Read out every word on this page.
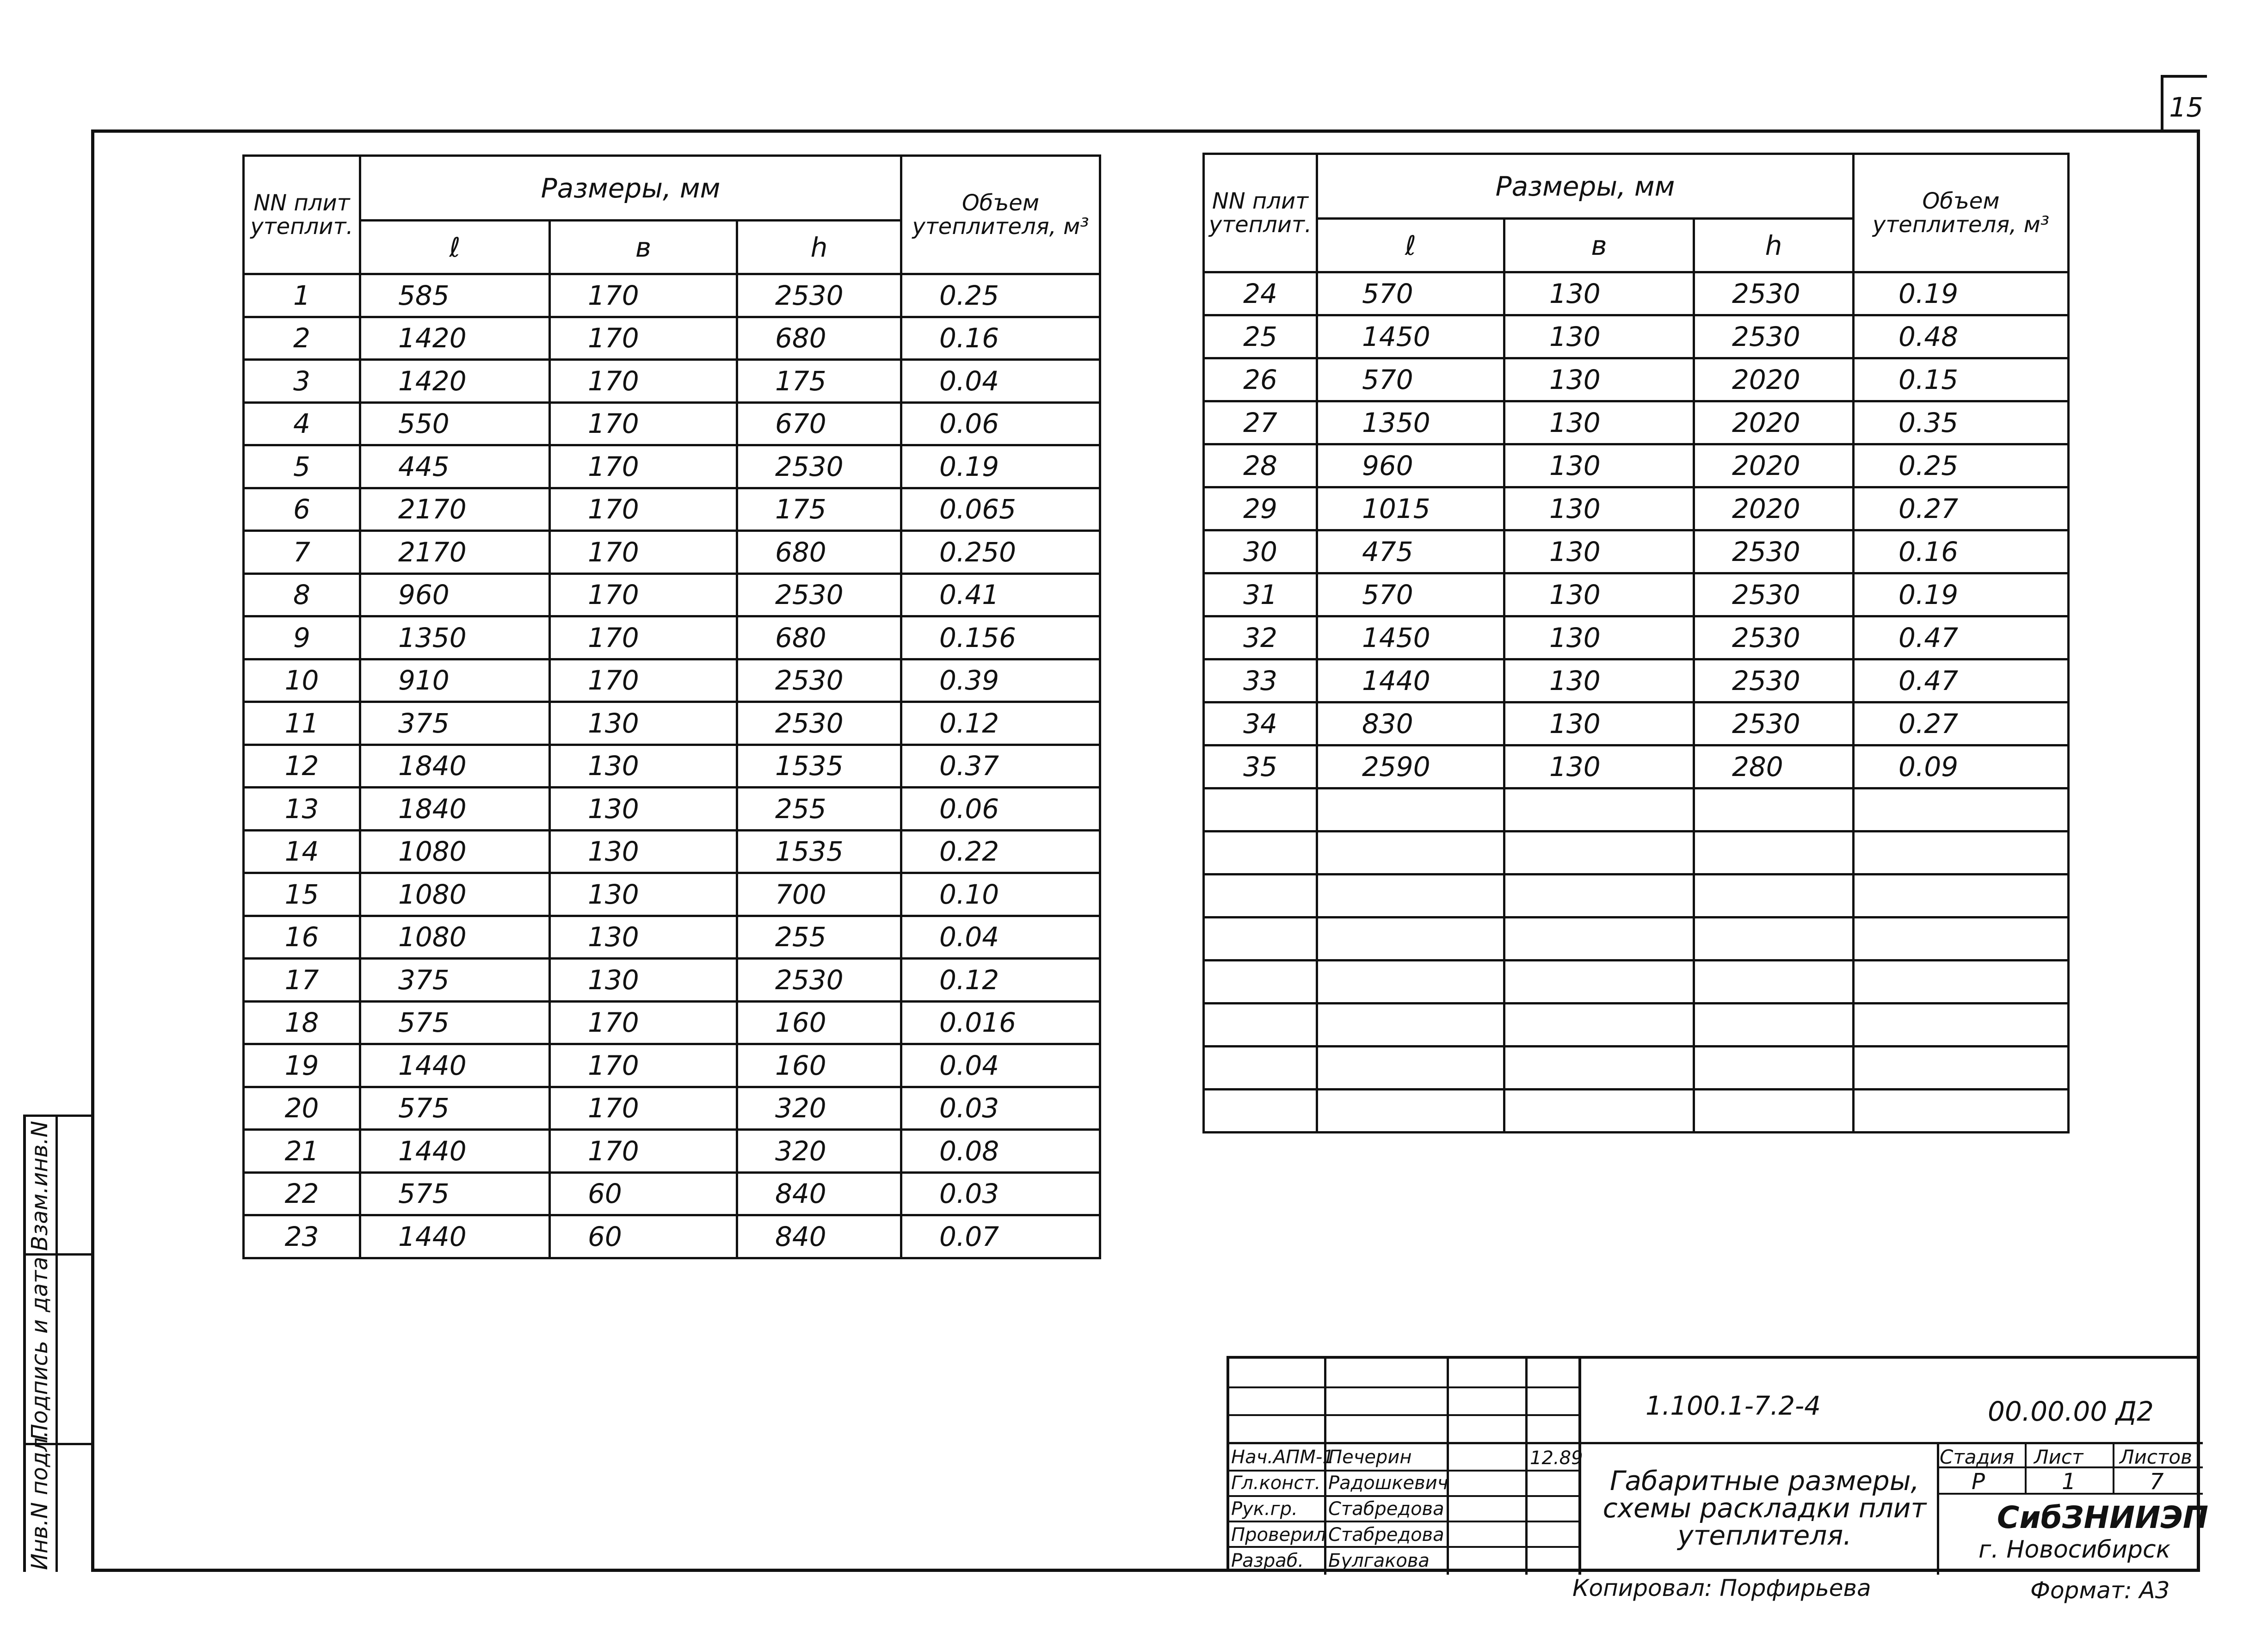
15
NN плит утеплит.	Размеры, мм			Объем утеплителя, м³
	ℓ	в	h	
1	585	170	2530	0.25
2	1420	170	680	0.16
3	1420	170	175	0.04
4	550	170	670	0.06
5	445	170	2530	0.19
6	2170	170	175	0.065
7	2170	170	680	0.250
8	960	170	2530	0.41
9	1350	170	680	0.156
10	910	170	2530	0.39
11	375	130	2530	0.12
12	1840	130	1535	0.37
13	1840	130	255	0.06
14	1080	130	1535	0.22
15	1080	130	700	0.10
16	1080	130	255	0.04
17	375	130	2530	0.12
18	575	170	160	0.016
19	1440	170	160	0.04
20	575	170	320	0.03
21	1440	170	320	0.08
22	575	60	840	0.03
23	1440	60	840	0.07
NN плит утеплит.	Размеры, мм			Объем утеплителя, м³
	ℓ	в	h	
24	570	130	2530	0.19
25	1450	130	2530	0.48
26	570	130	2020	0.15
27	1350	130	2020	0.35
28	960	130	2020	0.25
29	1015	130	2020	0.27
30	475	130	2530	0.16
31	570	130	2530	0.19
32	1450	130	2530	0.47
33	1440	130	2530	0.47
34	830	130	2530	0.27
35	2590	130	280	0.09

Взам.инв.N
Подпись и дата
Инв.N подл.
1.100.1-7.2-4	00.00.00 Д2
Габаритные размеры, схемы раскладки плит утеплителя.
Стадия Лист Листов
Р	1	7
СибЗНИИЭП
г. Новосибирск
12.89
Нач.АПМ-1
Печерин
Гл.конст. Радошкевич
Рук.гр. Стабредова
Проверил Стабредова
Разраб. Булгакова
Копировал: Порфирьева	Формат: А3
